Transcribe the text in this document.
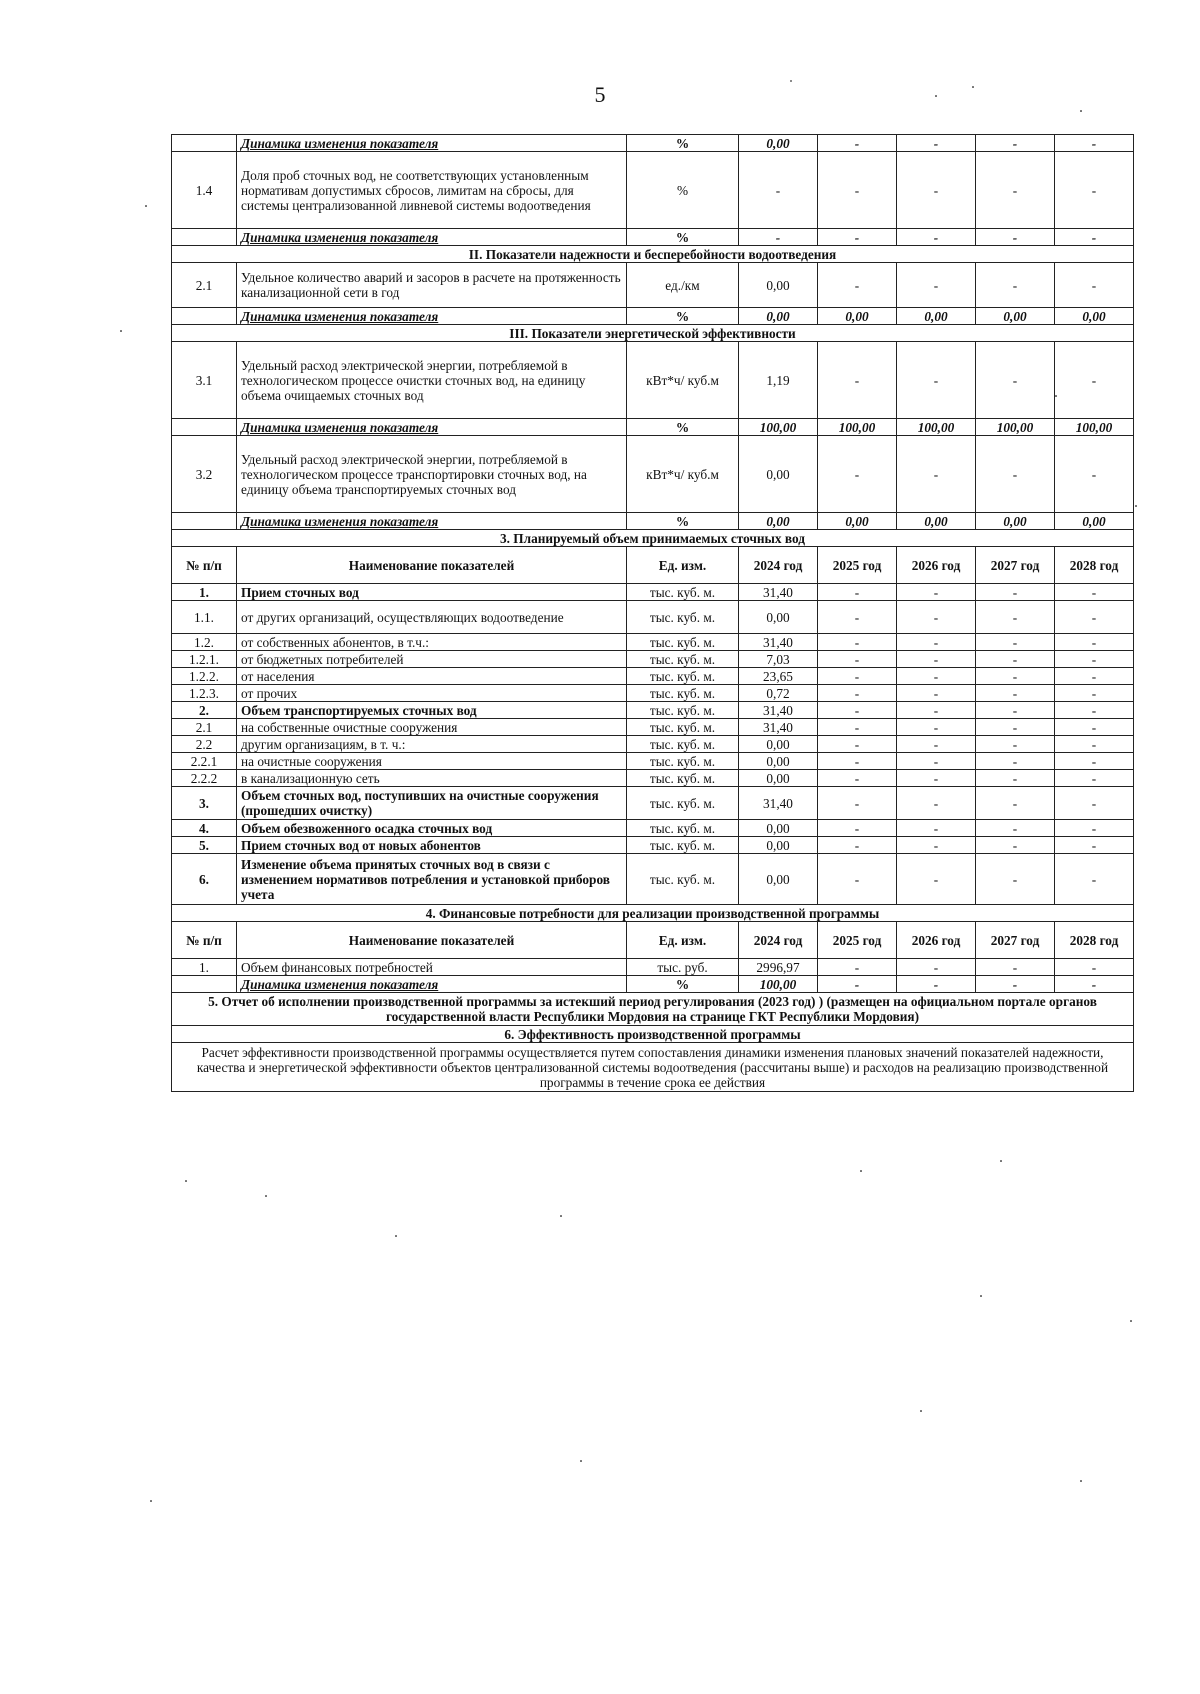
5
	Динамика изменения показателя	%	0,00	-	-	-	-
1.4	Доля проб сточных вод, не соответствующих установленным нормативам допустимых сбросов, лимитам на сбросы, для системы централизованной ливневой системы водоотведения	%	-	-	-	-	-
	Динамика изменения показателя	%	-	-	-	-	-
II. Показатели надежности и бесперебойности водоотведения							
2.1	Удельное количество аварий и засоров в расчете на протяженность канализационной сети в год	ед./км	0,00	-	-	-	-
	Динамика изменения показателя	%	0,00	0,00	0,00	0,00	0,00
III. Показатели энергетической эффективности							
3.1	Удельный расход электрической энергии, потребляемой в технологическом процессе очистки сточных вод, на единицу объема очищаемых сточных вод	кВт*ч/ куб.м	1,19	-	-	-	-
	Динамика изменения показателя	%	100,00	100,00	100,00	100,00	100,00
3.2	Удельный расход электрической энергии, потребляемой в технологическом процессе транспортировки сточных вод, на единицу объема транспортируемых сточных вод	кВт*ч/ куб.м	0,00	-	-	-	-
	Динамика изменения показателя	%	0,00	0,00	0,00	0,00	0,00
3. Планируемый объем принимаемых сточных вод							
№ п/п	Наименование показателей	Ед. изм.	2024 год	2025 год	2026 год	2027 год	2028 год
1.	Прием сточных вод	тыс. куб. м.	31,40	-	-	-	-
1.1.	от других организаций, осуществляющих водоотведение	тыс. куб. м.	0,00	-	-	-	-
1.2.	от собственных абонентов, в т.ч.:	тыс. куб. м.	31,40	-	-	-	-
1.2.1.	от бюджетных потребителей	тыс. куб. м.	7,03	-	-	-	-
1.2.2.	от населения	тыс. куб. м.	23,65	-	-	-	-
1.2.3.	от прочих	тыс. куб. м.	0,72	-	-	-	-
2.	Объем транспортируемых сточных вод	тыс. куб. м.	31,40	-	-	-	-
2.1	на собственные очистные сооружения	тыс. куб. м.	31,40	-	-	-	-
2.2	другим организациям, в т. ч.:	тыс. куб. м.	0,00	-	-	-	-
2.2.1	на очистные сооружения	тыс. куб. м.	0,00	-	-	-	-
2.2.2	в канализационную сеть	тыс. куб. м.	0,00	-	-	-	-
3.	Объем сточных вод, поступивших на очистные сооружения (прошедших очистку)	тыс. куб. м.	31,40	-	-	-	-
4.	Объем обезвоженного осадка сточных вод	тыс. куб. м.	0,00	-	-	-	-
5.	Прием сточных вод от новых абонентов	тыс. куб. м.	0,00	-	-	-	-
6.	Изменение объема принятых сточных вод в связи с изменением нормативов потребления и установкой приборов учета	тыс. куб. м.	0,00	-	-	-	-
4. Финансовые потребности для реализации производственной программы							
№ п/п	Наименование показателей	Ед. изм.	2024 год	2025 год	2026 год	2027 год	2028 год
1.	Объем финансовых потребностей	тыс. руб.	2996,97	-	-	-	-
	Динамика изменения показателя	%	100,00	-	-	-	-
5. Отчет об исполнении производственной программы за истекший период регулирования (2023 год) ) (размещен на официальном портале органов государственной власти Республики Мордовия на странице ГКТ Республики Мордовия)							
6. Эффективность производственной программы							
Расчет эффективности производственной программы осуществляется путем сопоставления динамики изменения плановых значений показателей надежности, качества и энергетической эффективности объектов централизованной системы водоотведения (рассчитаны выше) и расходов на реализацию производственной программы в течение срока ее действия							
